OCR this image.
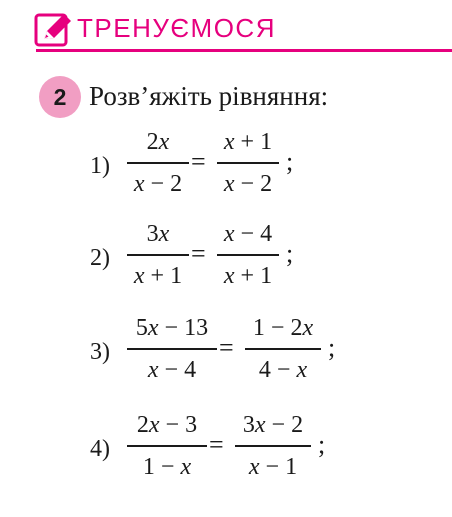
ТРЕНУЄМОСЯ
2 Розв’яжіть рівняння:
1)
2x
x − 2
=
x + 1
x − 2
;
2)
3x
x + 1
=
x − 4
x + 1
;
3)
5x − 13
x − 4
=
1 − 2x
4 − x
;
4)
2x − 3
1 − x
=
3x − 2
x − 1
;
